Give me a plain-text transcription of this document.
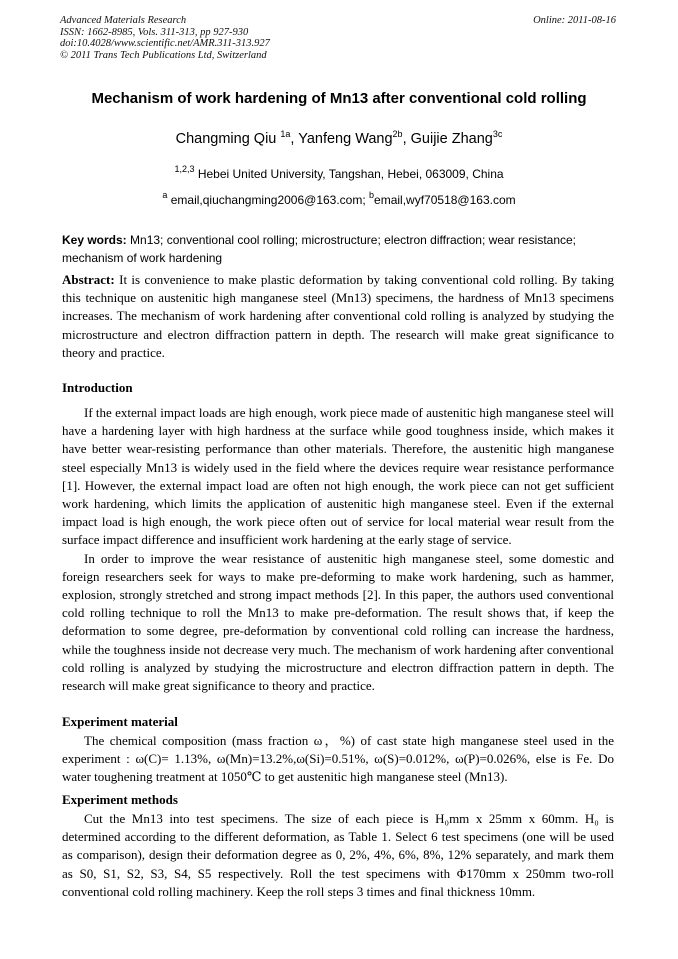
Advanced Materials Research
ISSN: 1662-8985, Vols. 311-313, pp 927-930
doi:10.4028/www.scientific.net/AMR.311-313.927
© 2011 Trans Tech Publications Ltd, Switzerland
Online: 2011-08-16
Mechanism of work hardening of Mn13 after conventional cold rolling
Changming Qiu $^{1a}$, Yanfeng Wang$^{2b}$, Guijie Zhang$^{3c}$
$^{1,2,3}$ Hebei United University, Tangshan, Hebei, 063009, China
$^a$ email,qiuchangming2006@163.com; $^b$email,wyf70518@163.com
Key words: Mn13; conventional cool rolling; microstructure; electron diffraction; wear resistance; mechanism of work hardening
Abstract: It is convenience to make plastic deformation by taking conventional cold rolling. By taking this technique on austenitic high manganese steel (Mn13) specimens, the hardness of Mn13 specimens increases. The mechanism of work hardening after conventional cold rolling is analyzed by studying the microstructure and electron diffraction pattern in depth. The research will make great significance to theory and practice.
Introduction

If the external impact loads are high enough, work piece made of austenitic high manganese steel will have a hardening layer with high hardness at the surface while good toughness inside, which makes it have better wear-resisting performance than other materials. Therefore, the austenitic high manganese steel especially Mn13 is widely used in the field where the devices require wear resistance performance [1]. However, the external impact load are often not high enough, the work piece can not get sufficient work hardening, which limits the application of austenitic high manganese steel. Even if the external impact load is high enough, the work piece often out of service for local material wear result from the surface impact difference and insufficient work hardening at the early stage of service.

In order to improve the wear resistance of austenitic high manganese steel, some domestic and foreign researchers seek for ways to make pre-deforming to make work hardening, such as hammer, explosion, strongly stretched and strong impact methods [2]. In this paper, the authors used conventional cold rolling technique to roll the Mn13 to make pre-deformation. The result shows that, if keep the deformation to some degree, pre-deformation by conventional cold rolling can increase the hardness, while the toughness inside not decrease very much. The mechanism of work hardening after conventional cold rolling is analyzed by studying the microstructure and electron diffraction pattern in depth. The research will make great significance to theory and practice.

Experiment material
The chemical composition (mass fraction ω，%) of cast state high manganese steel used in the experiment : ω(C)= 1.13%, ω(Mn)=13.2%,ω(Si)=0.51%, ω(S)=0.012%, ω(P)=0.026%, else is Fe. Do water toughening treatment at 1050℃ to get austenitic high manganese steel (Mn13).
Experiment methods
Cut the Mn13 into test specimens. The size of each piece is H₀mm x 25mm x 60mm. H₀ is determined according to the different deformation, as Table 1. Select 6 test specimens (one will be used as comparison), design their deformation degree as 0, 2%, 4%, 6%, 8%, 12% separately, and mark them as S0, S1, S2, S3, S4, S5 respectively. Roll the test specimens with Φ170mm x 250mm two-roll conventional cold rolling machinery. Keep the roll steps 3 times and final thickness 10mm.
